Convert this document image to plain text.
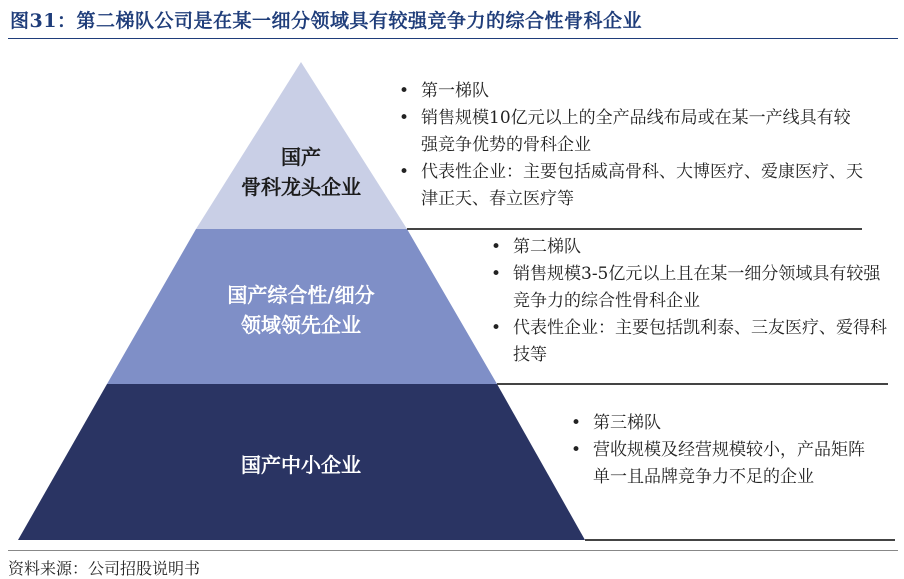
图31：第二梯队公司是在某一细分领域具有较强竞争力的综合性骨科企业
国产
骨科龙头企业
国产综合性/细分
领域领先企业
国产中小企业
• 第一梯队
• 销售规模10亿元以上的全产品线布局或在某一产线具有较强竞争优势的骨科企业
• 代表性企业：主要包括威高骨科、大博医疗、爱康医疗、天津正天、春立医疗等
• 第二梯队
• 销售规模3-5亿元以上且在某一细分领域具有较强竞争力的综合性骨科企业
• 代表性企业：主要包括凯利泰、三友医疗、爱得科技等
• 第三梯队
• 营收规模及经营规模较小，产品矩阵单一且品牌竞争力不足的企业
资料来源：公司招股说明书
